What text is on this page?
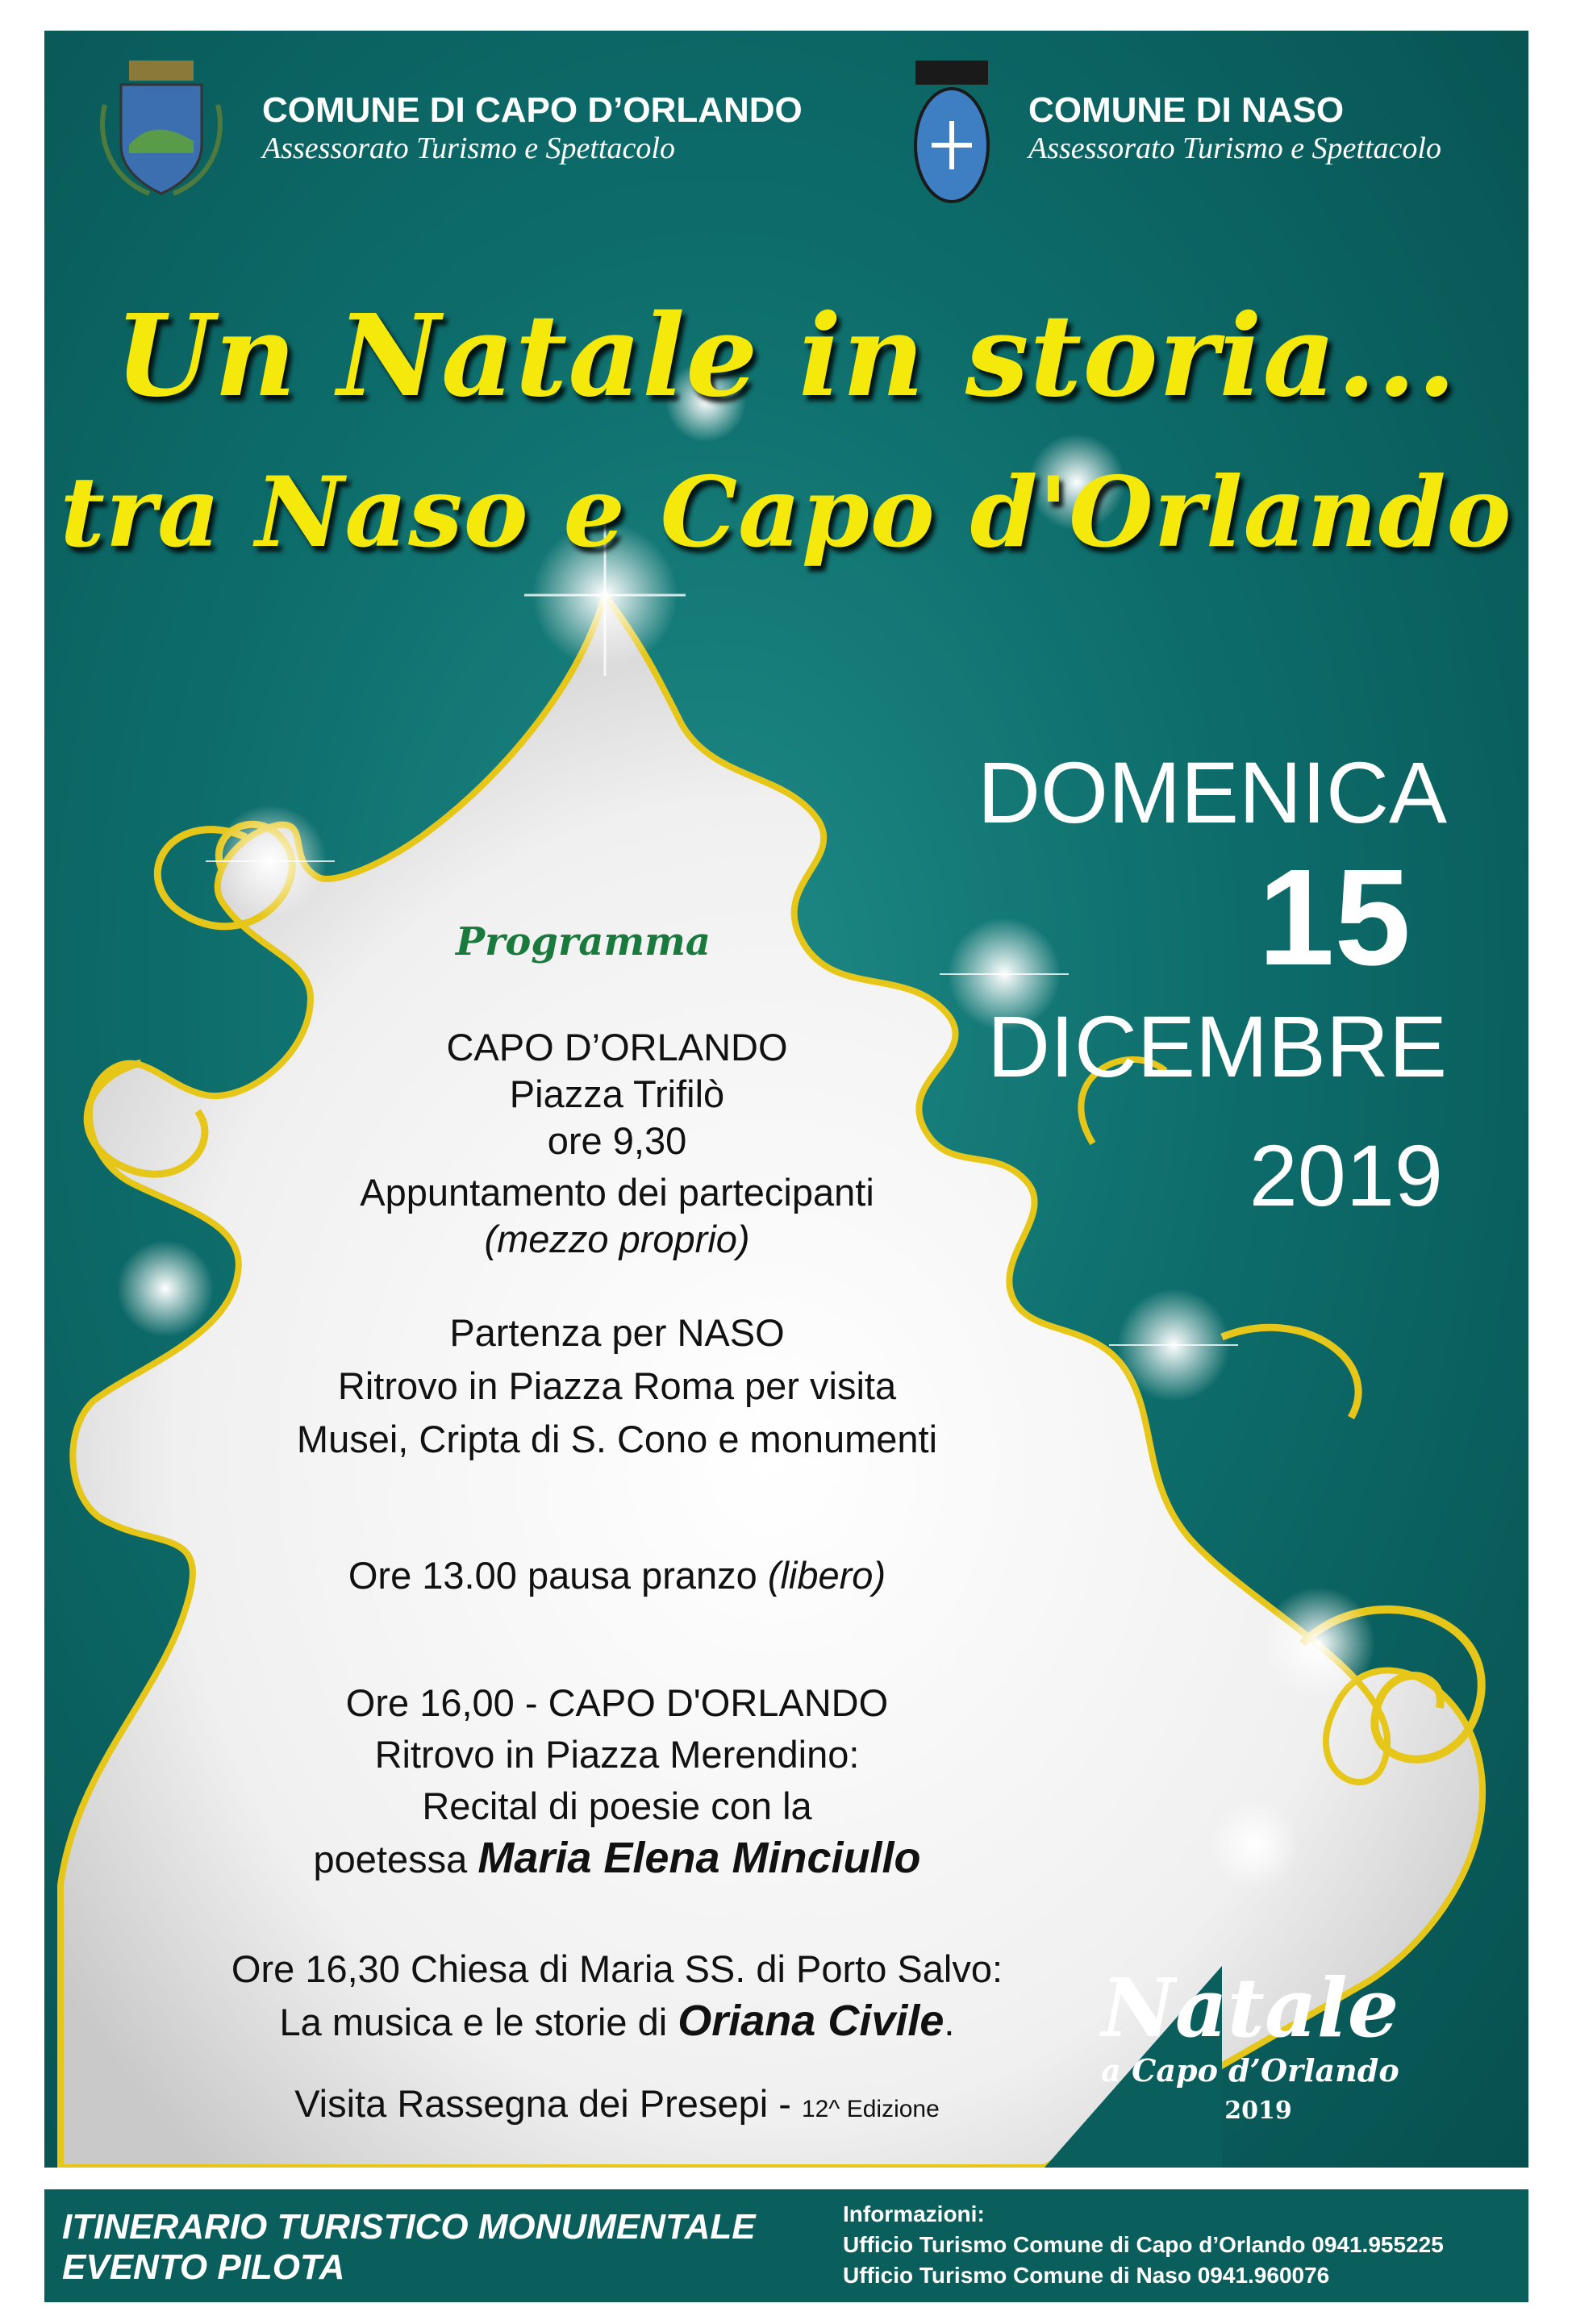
COMUNE DI CAPO D’ORLANDO
Assessorato Turismo e Spettacolo
COMUNE DI NASO
Assessorato Turismo e Spettacolo
Un Natale in storia...
tra Naso e Capo d'Orlando
DOMENICA
15
DICEMBRE
2019
Programma
CAPO D’ORLANDO
Piazza Trifilò
ore 9,30
Appuntamento dei partecipanti
(mezzo proprio)
Partenza per NASO
Ritrovo in Piazza Roma per visita
Musei, Cripta di S. Cono e monumenti
Ore 13.00 pausa pranzo (libero)
Ore 16,00 - CAPO D'ORLANDO
Ritrovo in Piazza Merendino:
Recital di poesie con la
poetessa Maria Elena Minciullo
Ore 16,30 Chiesa di Maria SS. di Porto Salvo:
La musica e le storie di Oriana Civile.
Visita Rassegna dei Presepi - 12^ Edizione
Natale
a Capo d’Orlando
2019
ITINERARIO TURISTICO MONUMENTALE
EVENTO PILOTA
Informazioni:
Ufficio Turismo Comune di Capo d’Orlando 0941.955225
Ufficio Turismo Comune di Naso 0941.960076
